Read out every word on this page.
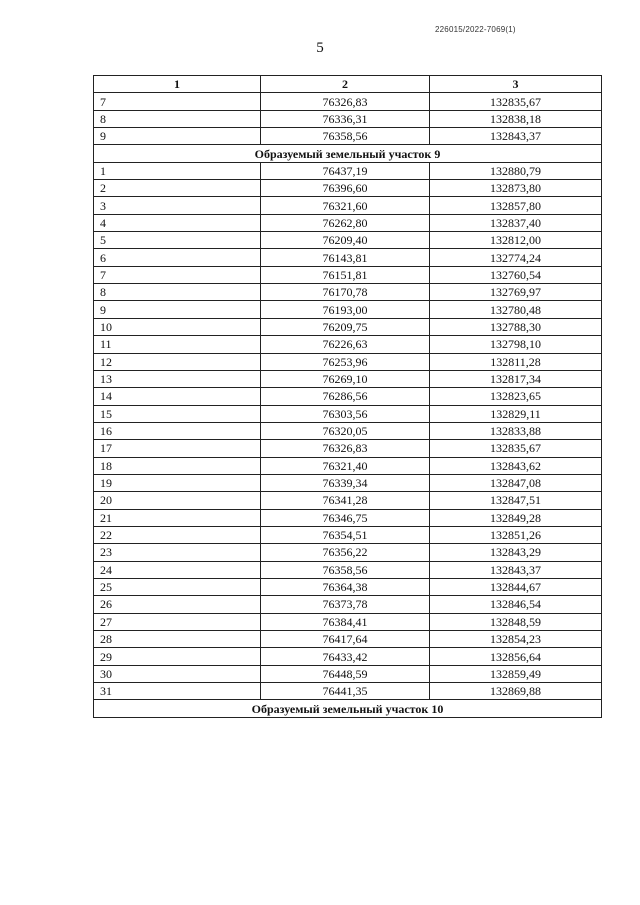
226015/2022-7069(1)
5
1	2	3
7	76326,83	132835,67
8	76336,31	132838,18
9	76358,56	132843,37
Образуемый земельный участок 9		
1	76437,19	132880,79
2	76396,60	132873,80
3	76321,60	132857,80
4	76262,80	132837,40
5	76209,40	132812,00
6	76143,81	132774,24
7	76151,81	132760,54
8	76170,78	132769,97
9	76193,00	132780,48
10	76209,75	132788,30
11	76226,63	132798,10
12	76253,96	132811,28
13	76269,10	132817,34
14	76286,56	132823,65
15	76303,56	132829,11
16	76320,05	132833,88
17	76326,83	132835,67
18	76321,40	132843,62
19	76339,34	132847,08
20	76341,28	132847,51
21	76346,75	132849,28
22	76354,51	132851,26
23	76356,22	132843,29
24	76358,56	132843,37
25	76364,38	132844,67
26	76373,78	132846,54
27	76384,41	132848,59
28	76417,64	132854,23
29	76433,42	132856,64
30	76448,59	132859,49
31	76441,35	132869,88
Образуемый земельный участок 10		
